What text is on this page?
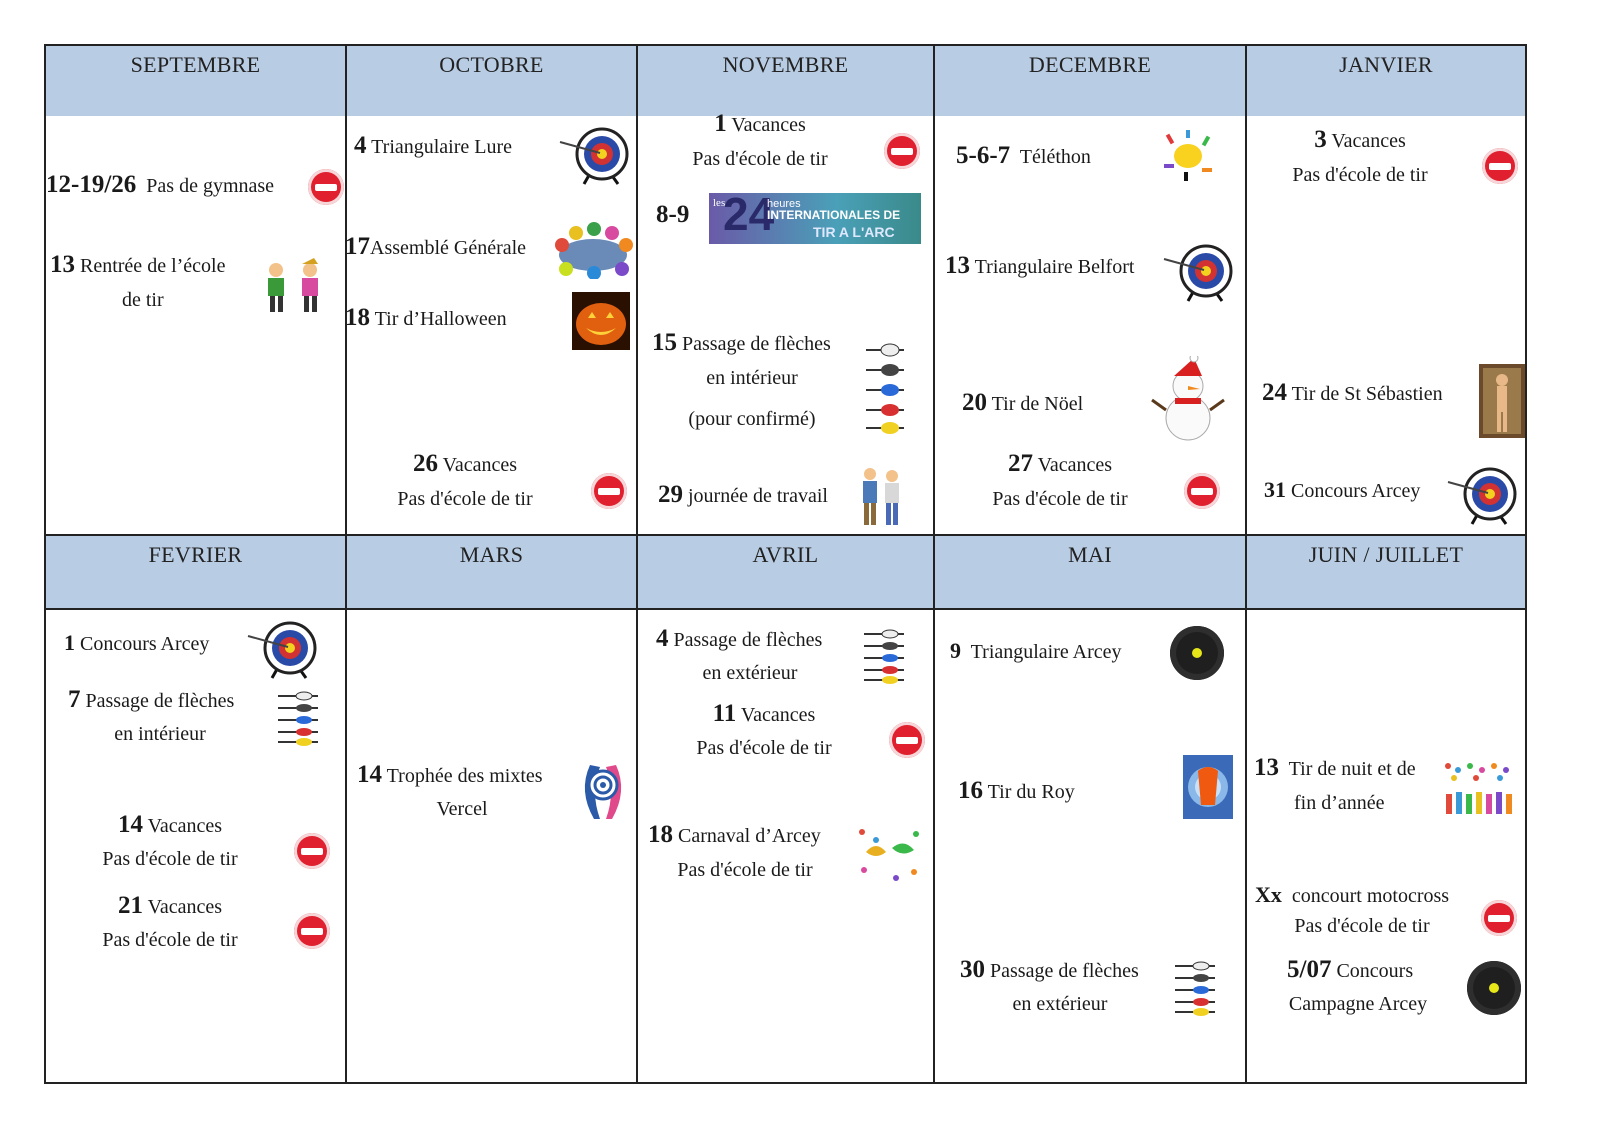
SEPTEMBRE	OCTOBRE	NOVEMBRE	DECEMBRE	JANVIER
FEVRIER	MARS	AVRIL	MAI	JUIN / JUILLET
12-19/26 Pas de gymnase
13 Rentrée de l’école
de tir
4 Triangulaire Lure
17Assemblé Générale
18 Tir d’Halloween
26 Vacances
Pas d'école de tir
1 Vacances
Pas d'école de tir
8-9 les
24
heures
INTERNATIONALES DE
TIR A L'ARC
15 Passage de flèches
en intérieur
(pour confirmé)
29 journée de travail
5-6-7 Téléthon
13 Triangulaire Belfort
20 Tir de Nöel
27 Vacances
Pas d'école de tir
3 Vacances
Pas d'école de tir
24 Tir de St Sébastien
31 Concours Arcey
1 Concours Arcey
7 Passage de flèches
en intérieur
14 Vacances
Pas d'école de tir
21 Vacances
Pas d'école de tir
14 Trophée des mixtes
Vercel
4 Passage de flèches
en extérieur
11 Vacances
Pas d'école de tir
18 Carnaval d’Arcey
Pas d'école de tir
9 Triangulaire Arcey
16 Tir du Roy
30 Passage de flèches
en extérieur
13 Tir de nuit et de
fin d’année
Xx concourt motocross
Pas d'école de tir
5/07 Concours
Campagne Arcey
